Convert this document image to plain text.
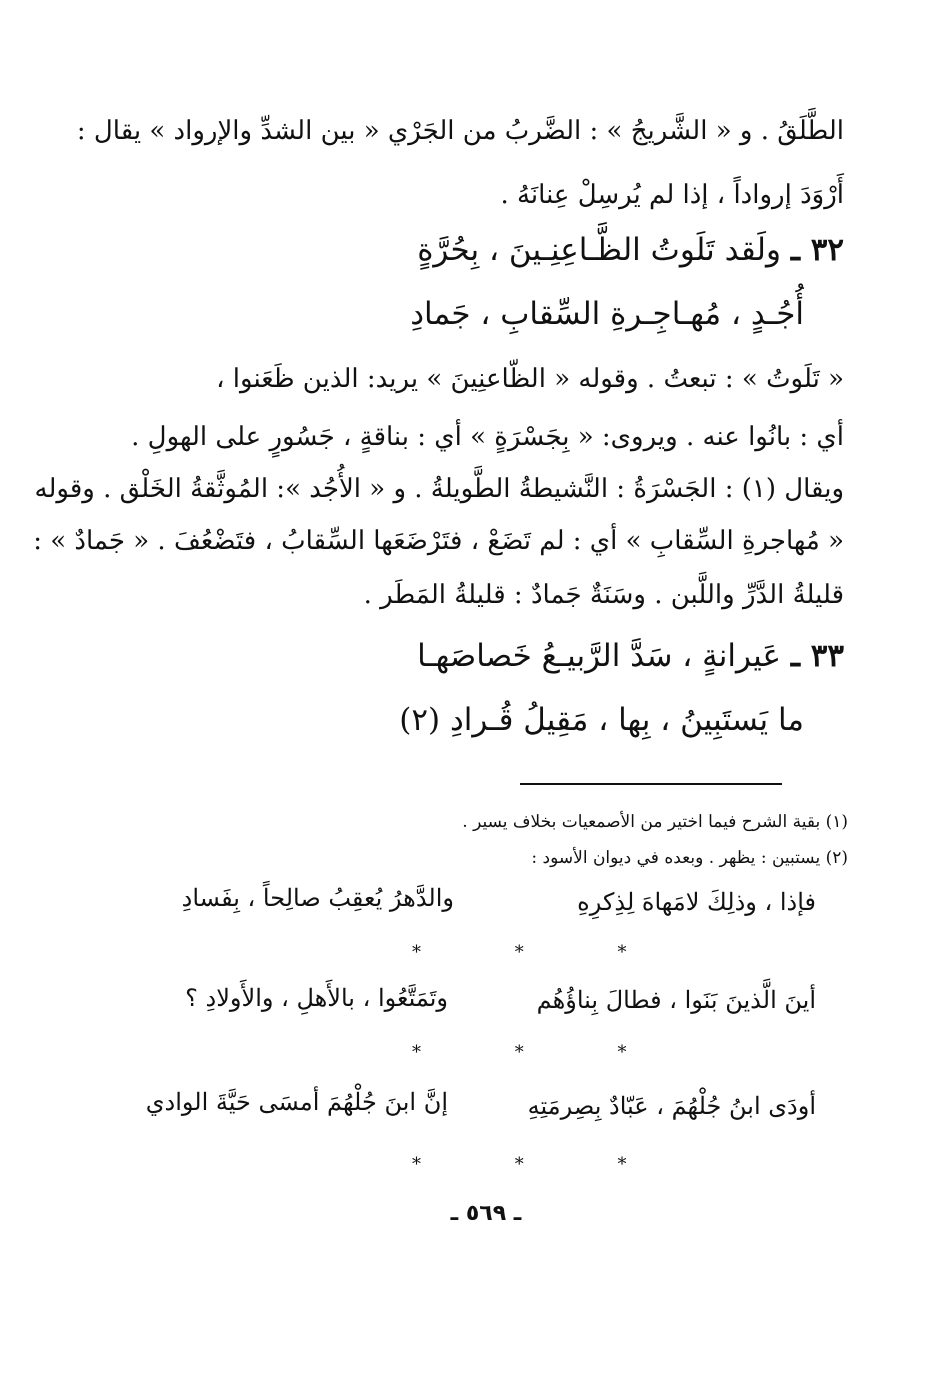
الطَّلَقُ . و « الشَّريجُ » : الضَّربُ من الجَرْي « بين الشدِّ والإرواد » يقال :
أَرْوَدَ إرواداً ، إذا لم يُرسِلْ عِنانَهُ .
٣٢ ـ ولَقد تَلَوتُ الظَّـاعِنِـينَ ، بِحُرَّةٍ
أُجُـدٍ ، مُهـاجِـرةِ السِّقابِ ، جَمادِ
« تَلَوتُ » : تبعتُ . وقوله « الظّاعنِينَ » يريد: الذين ظَعَنوا ،
أي : بانُوا عنه . ويروى: « بِجَسْرَةٍ » أي : بناقةٍ ، جَسُورٍ على الهولِ .
ويقال (١) : الجَسْرَةُ : النَّشيطةُ الطَّويلةُ . و « الأُجُد »: المُوثَّقةُ الخَلْق . وقوله
« مُهاجرةِ السِّقابِ » أي : لم تَضَعْ ، فتَرْضَعَها السِّقابُ ، فتَضْعُفَ . « جَمادٌ » :
قليلةُ الدَّرِّ واللَّبن . وسَنَةٌ جَمادٌ : قليلةُ المَطَر .
٣٣ ـ عَيرانةٍ ، سَدَّ الرَّبيـعُ خَصاصَهـا
ما يَستَبِينُ ، بِها ، مَقِيلُ قُـرادِ (٢)
(١) بقية الشرح فيما اختير من الأصمعيات بخلاف يسير .
(٢) يستبين : يظهر . وبعده في ديوان الأسود :
فإذا ، وذلِكَ لامَهاهَ لِذِكرِهِ
والدَّهرُ يُعقِبُ صالِحاً ، بِفَسادِ
* * *
أينَ الَّذينَ بَنَوا ، فطالَ بِناؤُهُم
وتَمَتَّعُوا ، بالأَهلِ ، والأَولادِ ؟
* * *
أودَى ابنُ جُلْهُمَ ، عَبّادٌ بِصِرمَتِهِ
إنَّ ابنَ جُلْهُمَ أمسَى حَيَّةَ الوادي
* * *
ـ ٥٦٩ ـ
